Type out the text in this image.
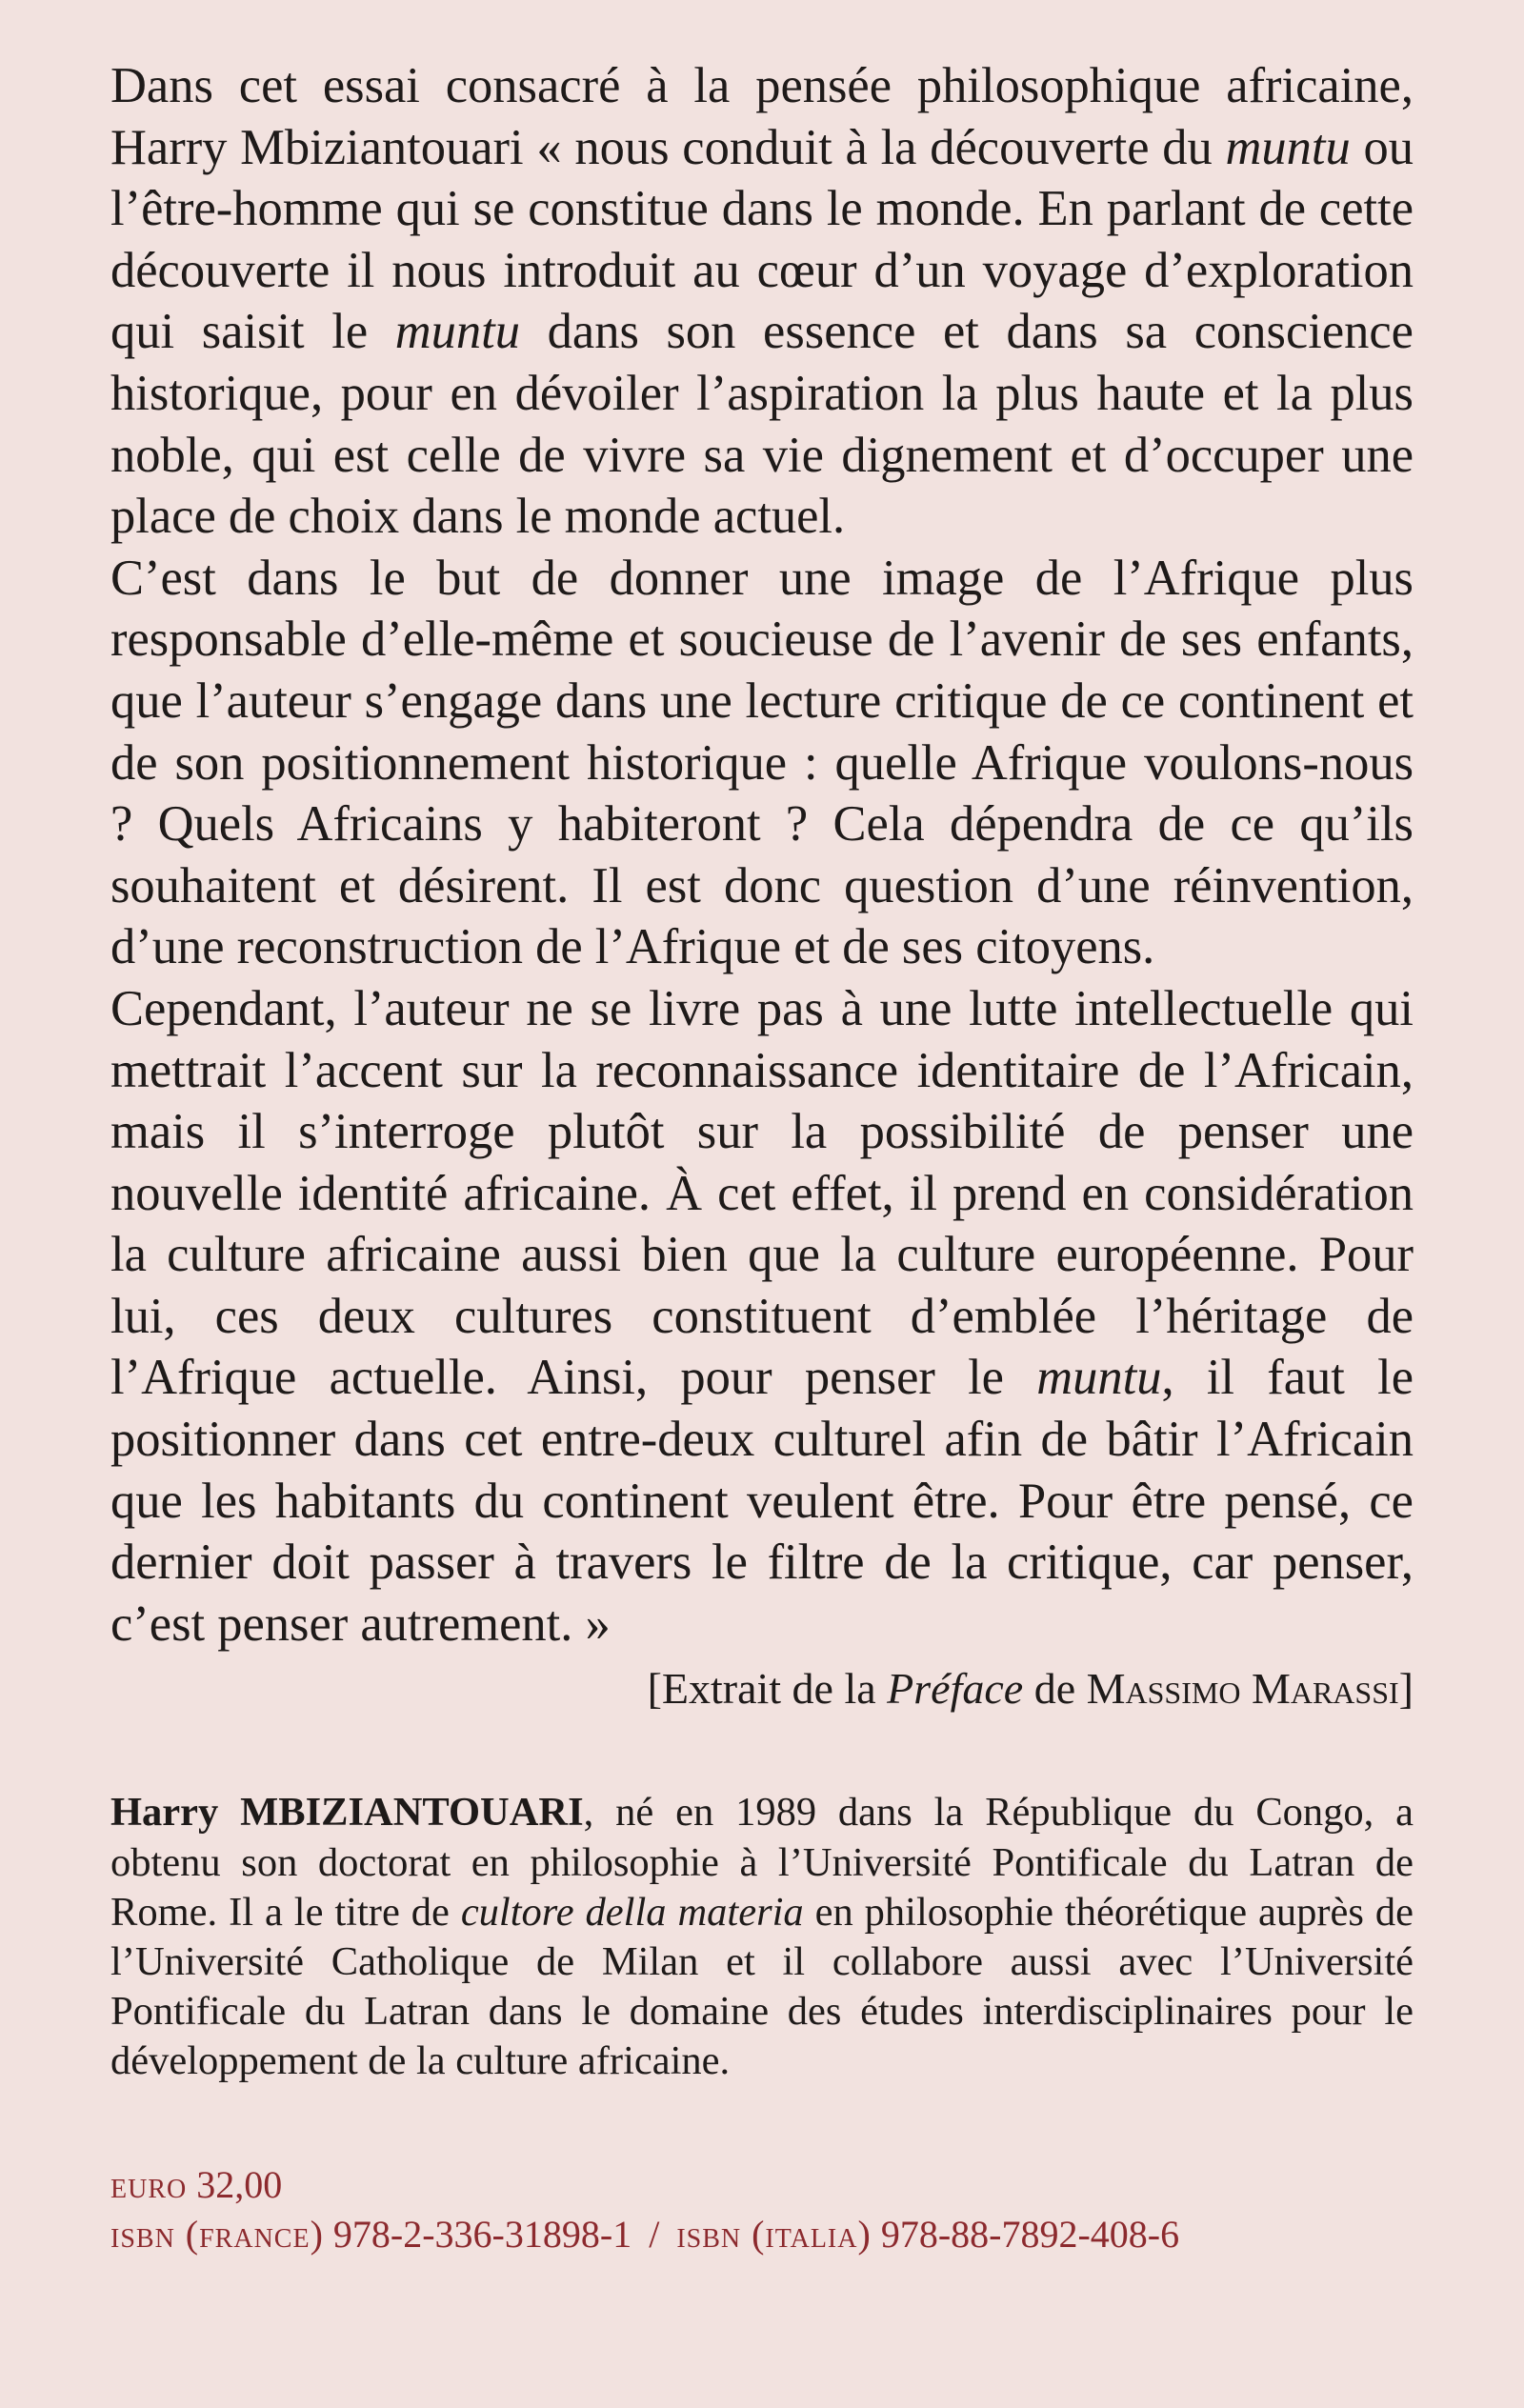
Dans cet essai consacré à la pensée philosophique africaine, Harry Mbiziantouari « nous conduit à la découverte du muntu ou l’être-homme qui se constitue dans le monde. En parlant de cette découverte il nous introduit au cœur d’un voyage d’exploration qui saisit le muntu dans son essence et dans sa conscience historique, pour en dévoiler l’aspiration la plus haute et la plus noble, qui est celle de vivre sa vie dignement et d’occuper une place de choix dans le monde actuel.

C’est dans le but de donner une image de l’Afrique plus responsable d’elle-même et soucieuse de l’avenir de ses enfants, que l’auteur s’engage dans une lecture critique de ce continent et de son positionnement historique : quelle Afrique voulons-nous ? Quels Africains y habiteront ? Cela dépendra de ce qu’ils souhaitent et désirent. Il est donc question d’une réinvention, d’une reconstruction de l’Afrique et de ses citoyens.

Cependant, l’auteur ne se livre pas à une lutte intellectuelle qui mettrait l’accent sur la reconnaissance identitaire de l’Africain, mais il s’interroge plutôt sur la possibilité de penser une nouvelle identité africaine. À cet effet, il prend en considération la culture africaine aussi bien que la culture européenne. Pour lui, ces deux cultures constituent d’emblée l’héritage de l’Afrique actuelle. Ainsi, pour penser le muntu, il faut le positionner dans cet entre-deux culturel afin de bâtir l’Africain que les habitants du continent veulent être. Pour être pensé, ce dernier doit passer à travers le filtre de la critique, car penser, c’est penser autrement. »

[Extrait de la Préface de Massimo Marassi]
Harry MBIZIANTOUARI, né en 1989 dans la République du Congo, a obtenu son doctorat en philosophie à l’Université Pontificale du Latran de Rome. Il a le titre de cultore della materia en philosophie théorétique auprès de l’Université Catholique de Milan et il collabore aussi avec l’Université Pontificale du Latran dans le domaine des études interdisciplinaires pour le développement de la culture africaine.
euro 32,00
isbn (france) 978-2-336-31898-1 / isbn (italia) 978-88-7892-408-6
